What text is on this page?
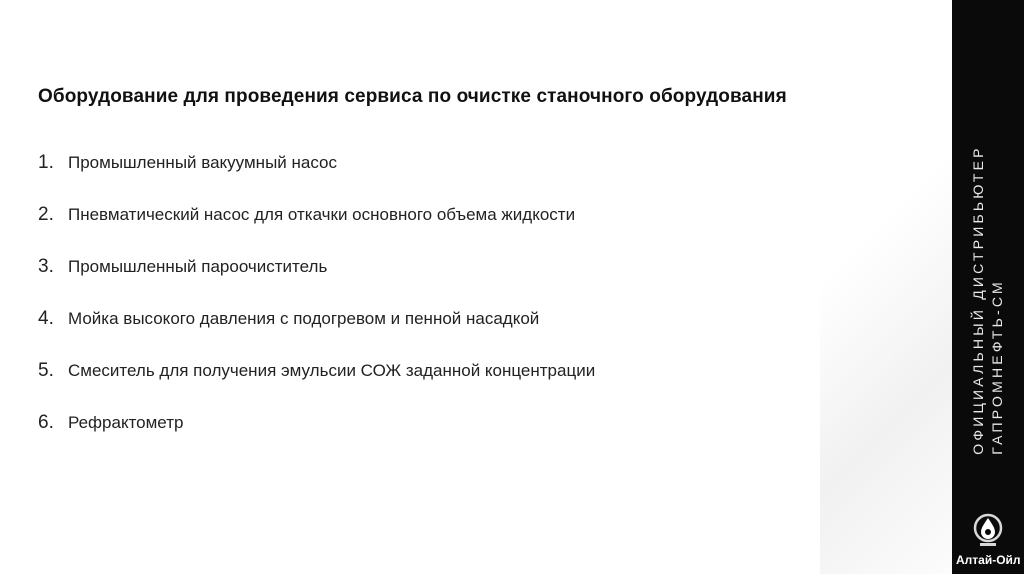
Оборудование для проведения сервиса по очистке станочного оборудования
1. Промышленный вакуумный насос
2. Пневматический насос для откачки основного объема жидкости
3. Промышленный пароочиститель
4. Мойка высокого давления с подогревом и пенной насадкой
5. Смеситель для получения эмульсии СОЖ заданной концентрации
6. Рефрактометр	ОФИЦИАЛЬНЫЙ ДИСТРИБЬЮТЕР ГАПРОМНЕФТЬ-СМ
Алтай-Ойл
